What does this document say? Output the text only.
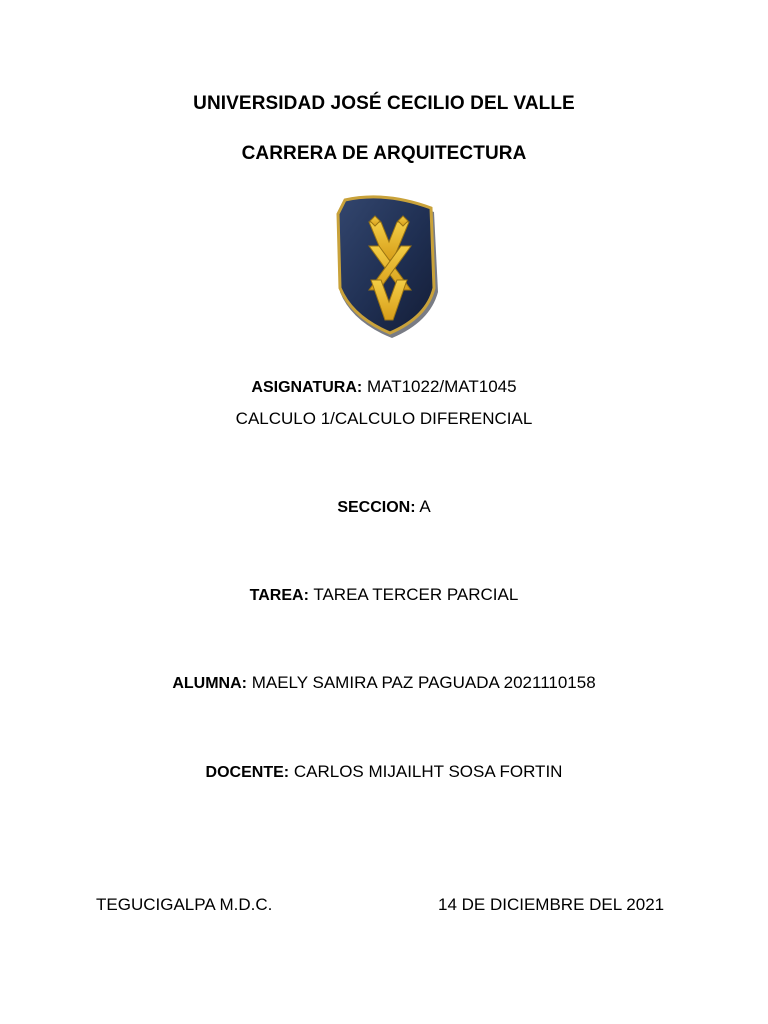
UNIVERSIDAD JOSÉ CECILIO DEL VALLE
CARRERA DE ARQUITECTURA
ASIGNATURA: MAT1022/MAT1045
CALCULO 1/CALCULO DIFERENCIAL
SECCION: A
TAREA: TAREA TERCER PARCIAL
ALUMNA: MAELY SAMIRA PAZ PAGUADA 2021110158
DOCENTE: CARLOS MIJAILHT SOSA FORTIN
TEGUCIGALPA M.D.C.	14 DE DICIEMBRE DEL 2021
